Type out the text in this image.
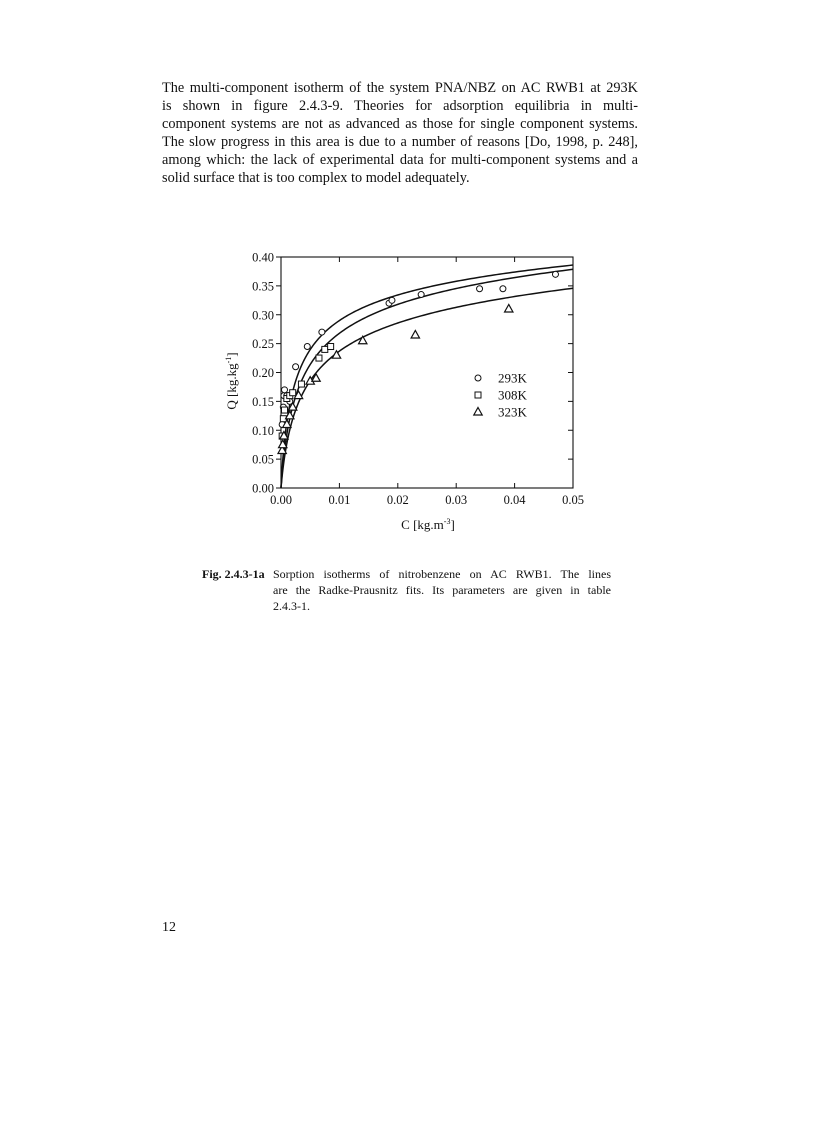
The multi-component isotherm of the system PNA/NBZ on AC RWB1 at 293K
is shown in figure 2.4.3-9. Theories for adsorption equilibria in multi-
component systems are not as advanced as those for single component systems.
The slow progress in this area is due to a number of reasons [Do, 1998, p. 248],
among which: the lack of experimental data for multi-component systems and a
solid surface that is too complex to model adequately.
0.00	0.01	0.02	0.03	0.04	0.05
0.00
0.05
0.10
0.15
0.20
0.25
0.30
0.35
0.40
293K
308K
323K
Q $[kg.kg^{-1}]$
C $[kg.m^{-3}]$
Fig. 2.4.3-1a Sorption isotherms of nitrobenzene on AC RWB1. The lines
are the Radke-Prausnitz fits. Its parameters are given in table
2.4.3-1.
12
